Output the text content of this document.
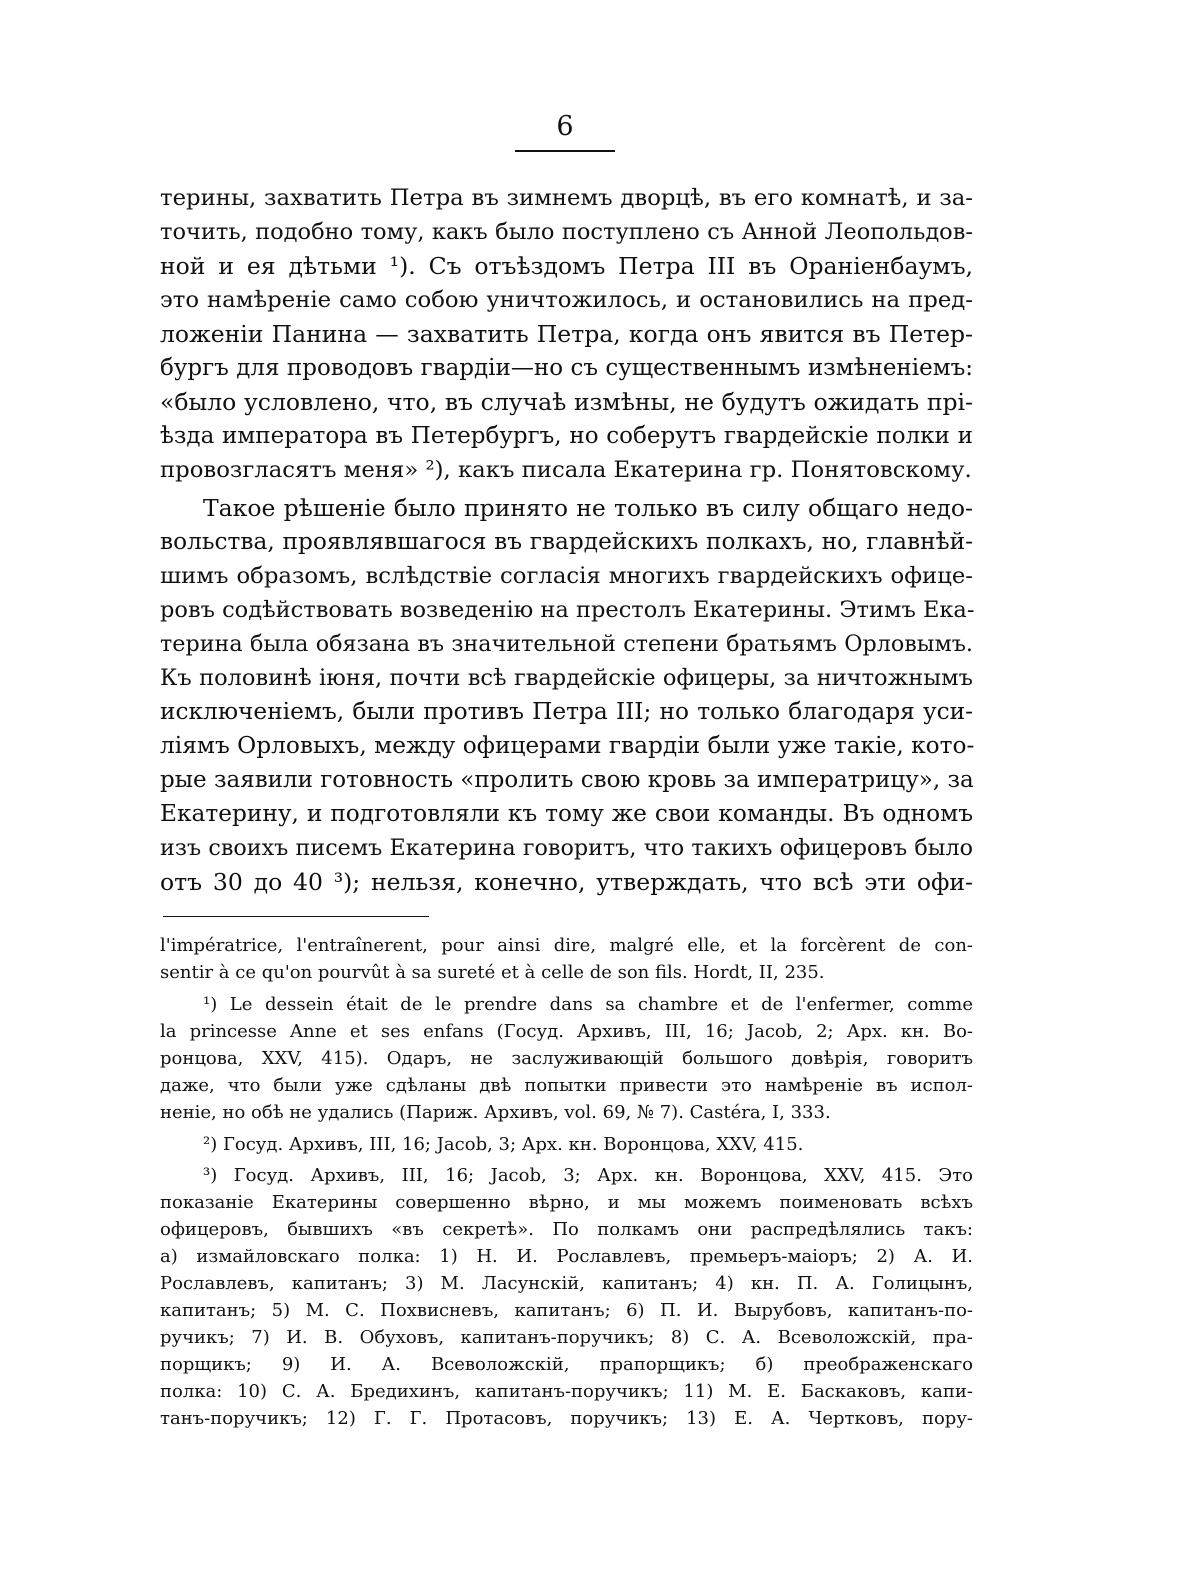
6
терины, захватить Петра въ зимнемъ дворцѣ, въ его комнатѣ, и за-
точить, подобно тому, какъ было поступлено съ Анной Леопольдов-
ной и ея дѣтьми ¹). Съ отъѣздомъ Петра III въ Ораніенбаумъ,
это намѣреніе само собою уничтожилось, и остановились на пред-
ложеніи Панина — захватить Петра, когда онъ явится въ Петер-
бургъ для проводовъ гвардіи—но съ существеннымъ измѣненіемъ:
«было условлено, что, въ случаѣ измѣны, не будутъ ожидать прі-
ѣзда императора въ Петербургъ, но соберутъ гвардейскіе полки и
провозгласятъ меня» ²), какъ писала Екатерина гр. Понятовскому.
Такое рѣшеніе было принято не только въ силу общаго недо-
вольства, проявлявшагося въ гвардейскихъ полкахъ, но, главнѣй-
шимъ образомъ, вслѣдствіе согласія многихъ гвардейскихъ офице-
ровъ содѣйствовать возведенію на престолъ Екатерины. Этимъ Ека-
терина была обязана въ значительной степени братьямъ Орловымъ.
Къ половинѣ іюня, почти всѣ гвардейскіе офицеры, за ничтожнымъ
исключеніемъ, были противъ Петра III; но только благодаря уси-
ліямъ Орловыхъ, между офицерами гвардіи были уже такіе, кото-
рые заявили готовность «пролить свою кровь за императрицу», за
Екатерину, и подготовляли къ тому же свои команды. Въ одномъ
изъ своихъ писемъ Екатерина говоритъ, что такихъ офицеровъ было
отъ 30 до 40 ³); нельзя, конечно, утверждать, что всѣ эти офи-
l'impératrice, l'entraînerent, pour ainsi dire, malgré elle, et la forcèrent de con-
sentir à ce qu'on pourvût à sa sureté et à celle de son fils. Hordt, II, 235.
¹) Le dessein était de le prendre dans sa chambre et de l'enfermer, comme
la princesse Anne et ses enfans (Госуд. Архивъ, III, 16; Jacob, 2; Арх. кн. Во-
ронцова, XXV, 415). Одаръ, не заслуживающій большого довѣрія, говоритъ
даже, что были уже сдѣланы двѣ попытки привести это намѣреніе въ испол-
неніе, но обѣ не удались (Париж. Архивъ, vol. 69, № 7). Castéra, I, 333.
²) Госуд. Архивъ, III, 16; Jacob, 3; Арх. кн. Воронцова, XXV, 415.
³) Госуд. Архивъ, III, 16; Jacob, 3; Арх. кн. Воронцова, XXV, 415. Это
показаніе Екатерины совершенно вѣрно, и мы можемъ поименовать всѣхъ
офицеровъ, бывшихъ «въ секретѣ». По полкамъ они распредѣлялись такъ:
а) измайловскаго полка: 1) Н. И. Рославлевъ, премьеръ-маіоръ; 2) А. И.
Рославлевъ, капитанъ; 3) М. Ласунскій, капитанъ; 4) кн. П. А. Голицынъ,
капитанъ; 5) М. С. Похвисневъ, капитанъ; 6) П. И. Вырубовъ, капитанъ-по-
ручикъ; 7) И. В. Обуховъ, капитанъ-поручикъ; 8) С. А. Всеволожскій, пра-
порщикъ; 9) И. А. Всеволожскій, прапорщикъ; б) преображенскаго
полка: 10) С. А. Бредихинъ, капитанъ-поручикъ; 11) М. Е. Баскаковъ, капи-
танъ-поручикъ; 12) Г. Г. Протасовъ, поручикъ; 13) Е. А. Чертковъ, пору-
